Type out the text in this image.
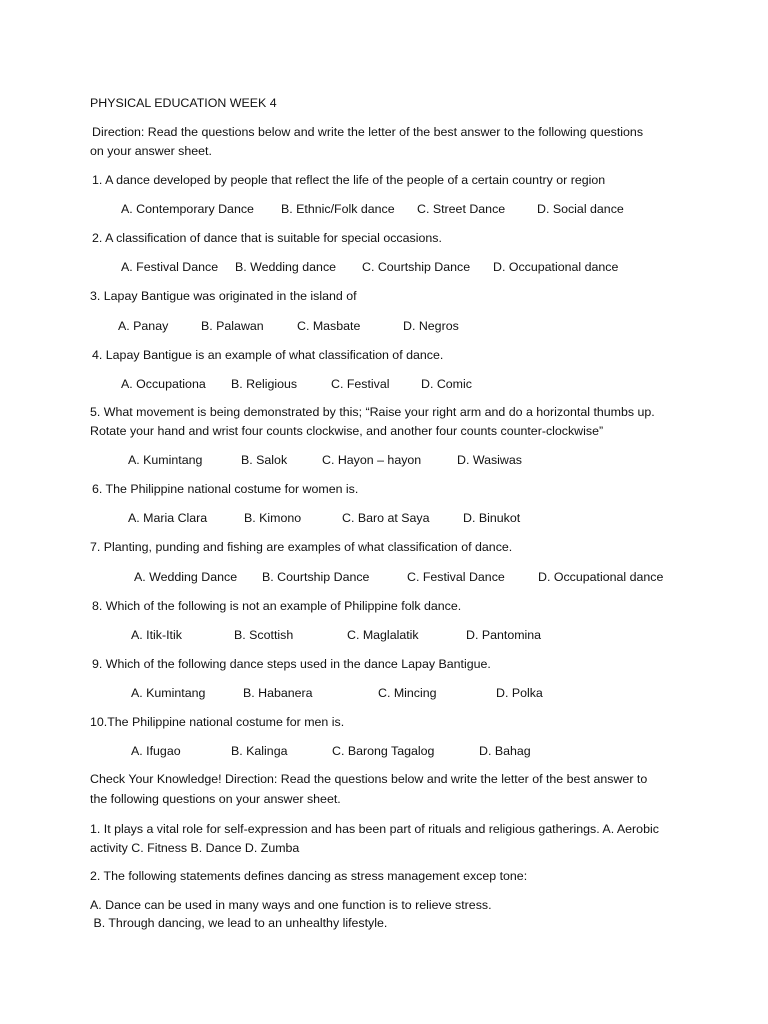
PHYSICAL EDUCATION WEEK 4
Direction: Read the questions below and write the letter of the best answer to the following questions
on your answer sheet.
1. A dance developed by people that reflect the life of the people of a certain country or region
A. Contemporary Dance B. Ethnic/Folk dance C. Street Dance	D. Social dance
2. A classification of dance that is suitable for special occasions.
A. Festival Dance B. Wedding dance C. Courtship Dance D. Occupational dance
3. Lapay Bantigue was originated in the island of
A. Panay	B. Palawan	C. Masbate	D. Negros
4. Lapay Bantigue is an example of what classification of dance.
A. Occupationa B. Religious	C. Festival	D. Comic
5. What movement is being demonstrated by this; “Raise your right arm and do a horizontal thumbs up.
Rotate your hand and wrist four counts clockwise, and another four counts counter-clockwise”
A. Kumintang	B. Salok	C. Hayon – hayon	D. Wasiwas
6. The Philippine national costume for women is.
A. Maria Clara	B. Kimono	C. Baro at Saya	D. Binukot
7. Planting, punding and fishing are examples of what classification of dance.
A. Wedding Dance B. Courtship Dance	C. Festival Dance	D. Occupational dance
8. Which of the following is not an example of Philippine folk dance.
A. Itik-Itik	B. Scottish	C. Maglalatik	D. Pantomina
9. Which of the following dance steps used in the dance Lapay Bantigue.
A. Kumintang	B. Habanera	C. Mincing	D. Polka
10.The Philippine national costume for men is.
A. Ifugao	B. Kalinga	C. Barong Tagalog	D. Bahag
Check Your Knowledge! Direction: Read the questions below and write the letter of the best answer to
the following questions on your answer sheet.
1. It plays a vital role for self-expression and has been part of rituals and religious gatherings. A. Aerobic
activity C. Fitness B. Dance D. Zumba
2. The following statements defines dancing as stress management excep tone:
A. Dance can be used in many ways and one function is to relieve stress.
B. Through dancing, we lead to an unhealthy lifestyle.
